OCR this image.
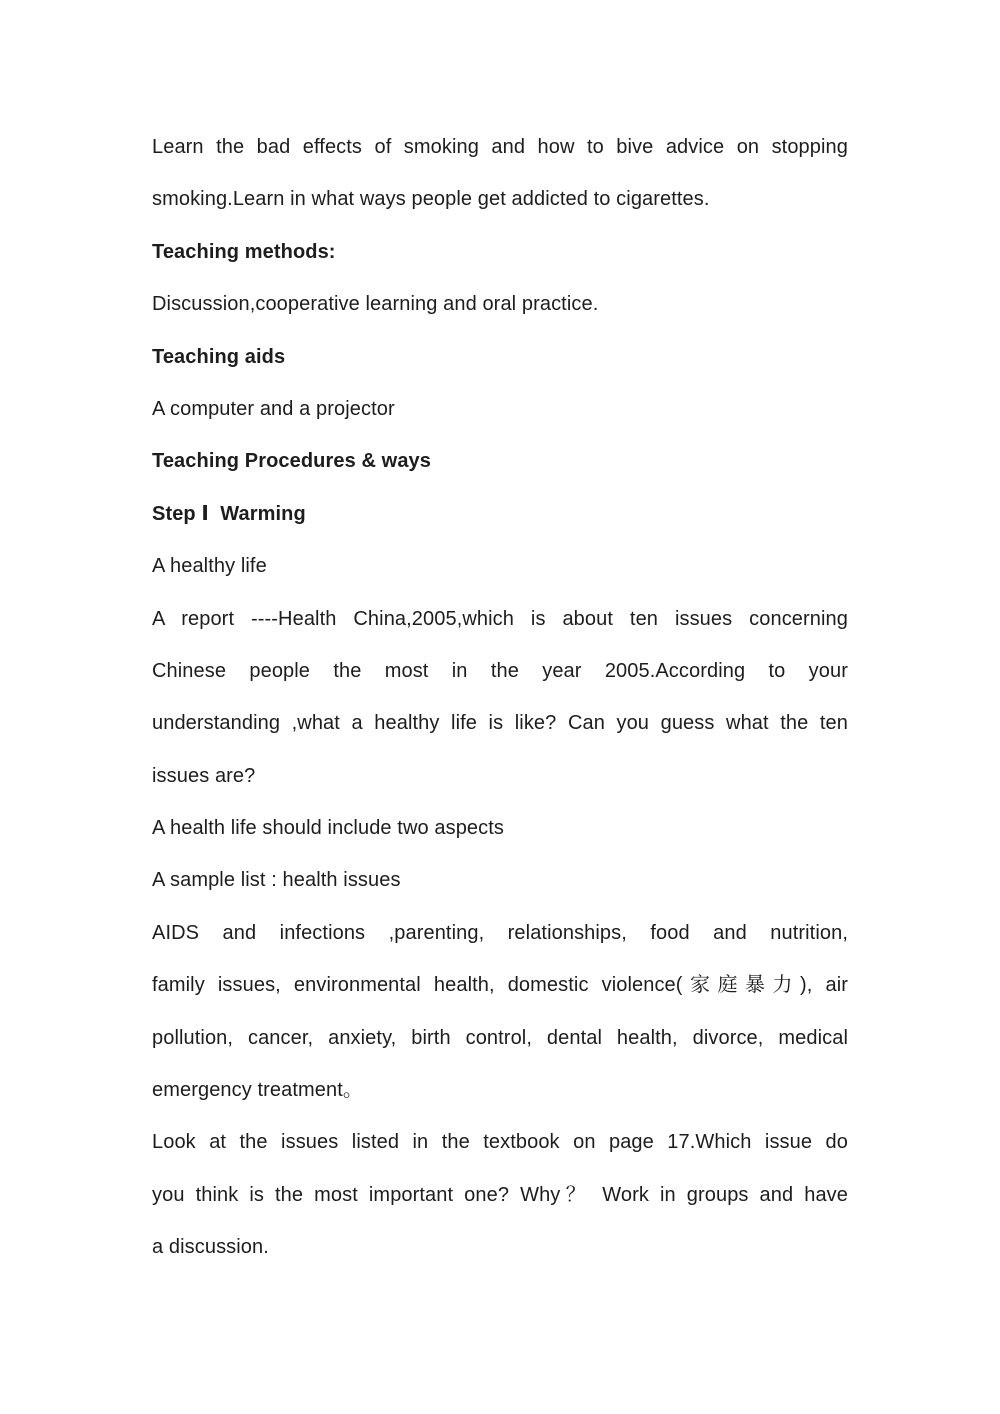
Learn the bad effects of smoking and how to bive advice on stopping
smoking.Learn in what ways people get addicted to cigarettes.
Teaching methods:
Discussion,cooperative learning and oral practice.
Teaching aids
A computer and a projector
Teaching Procedures & ways
Step Ⅰ  Warming
A healthy life
A report ----Health China,2005,which is about ten issues concerning
Chinese people the most in the year 2005.According to your
understanding ,what a healthy life is like? Can you guess what the ten
issues are?
A health life should include two aspects
A sample list : health issues
AIDS and infections ,parenting, relationships, food and nutrition,
family issues, environmental health, domestic violence(家庭暴力), air
pollution, cancer, anxiety, birth control, dental health, divorce, medical
emergency treatment。
Look at the issues listed in the textbook on page 17.Which issue do
you think is the most important one? Why？ Work in groups and have
a discussion.
